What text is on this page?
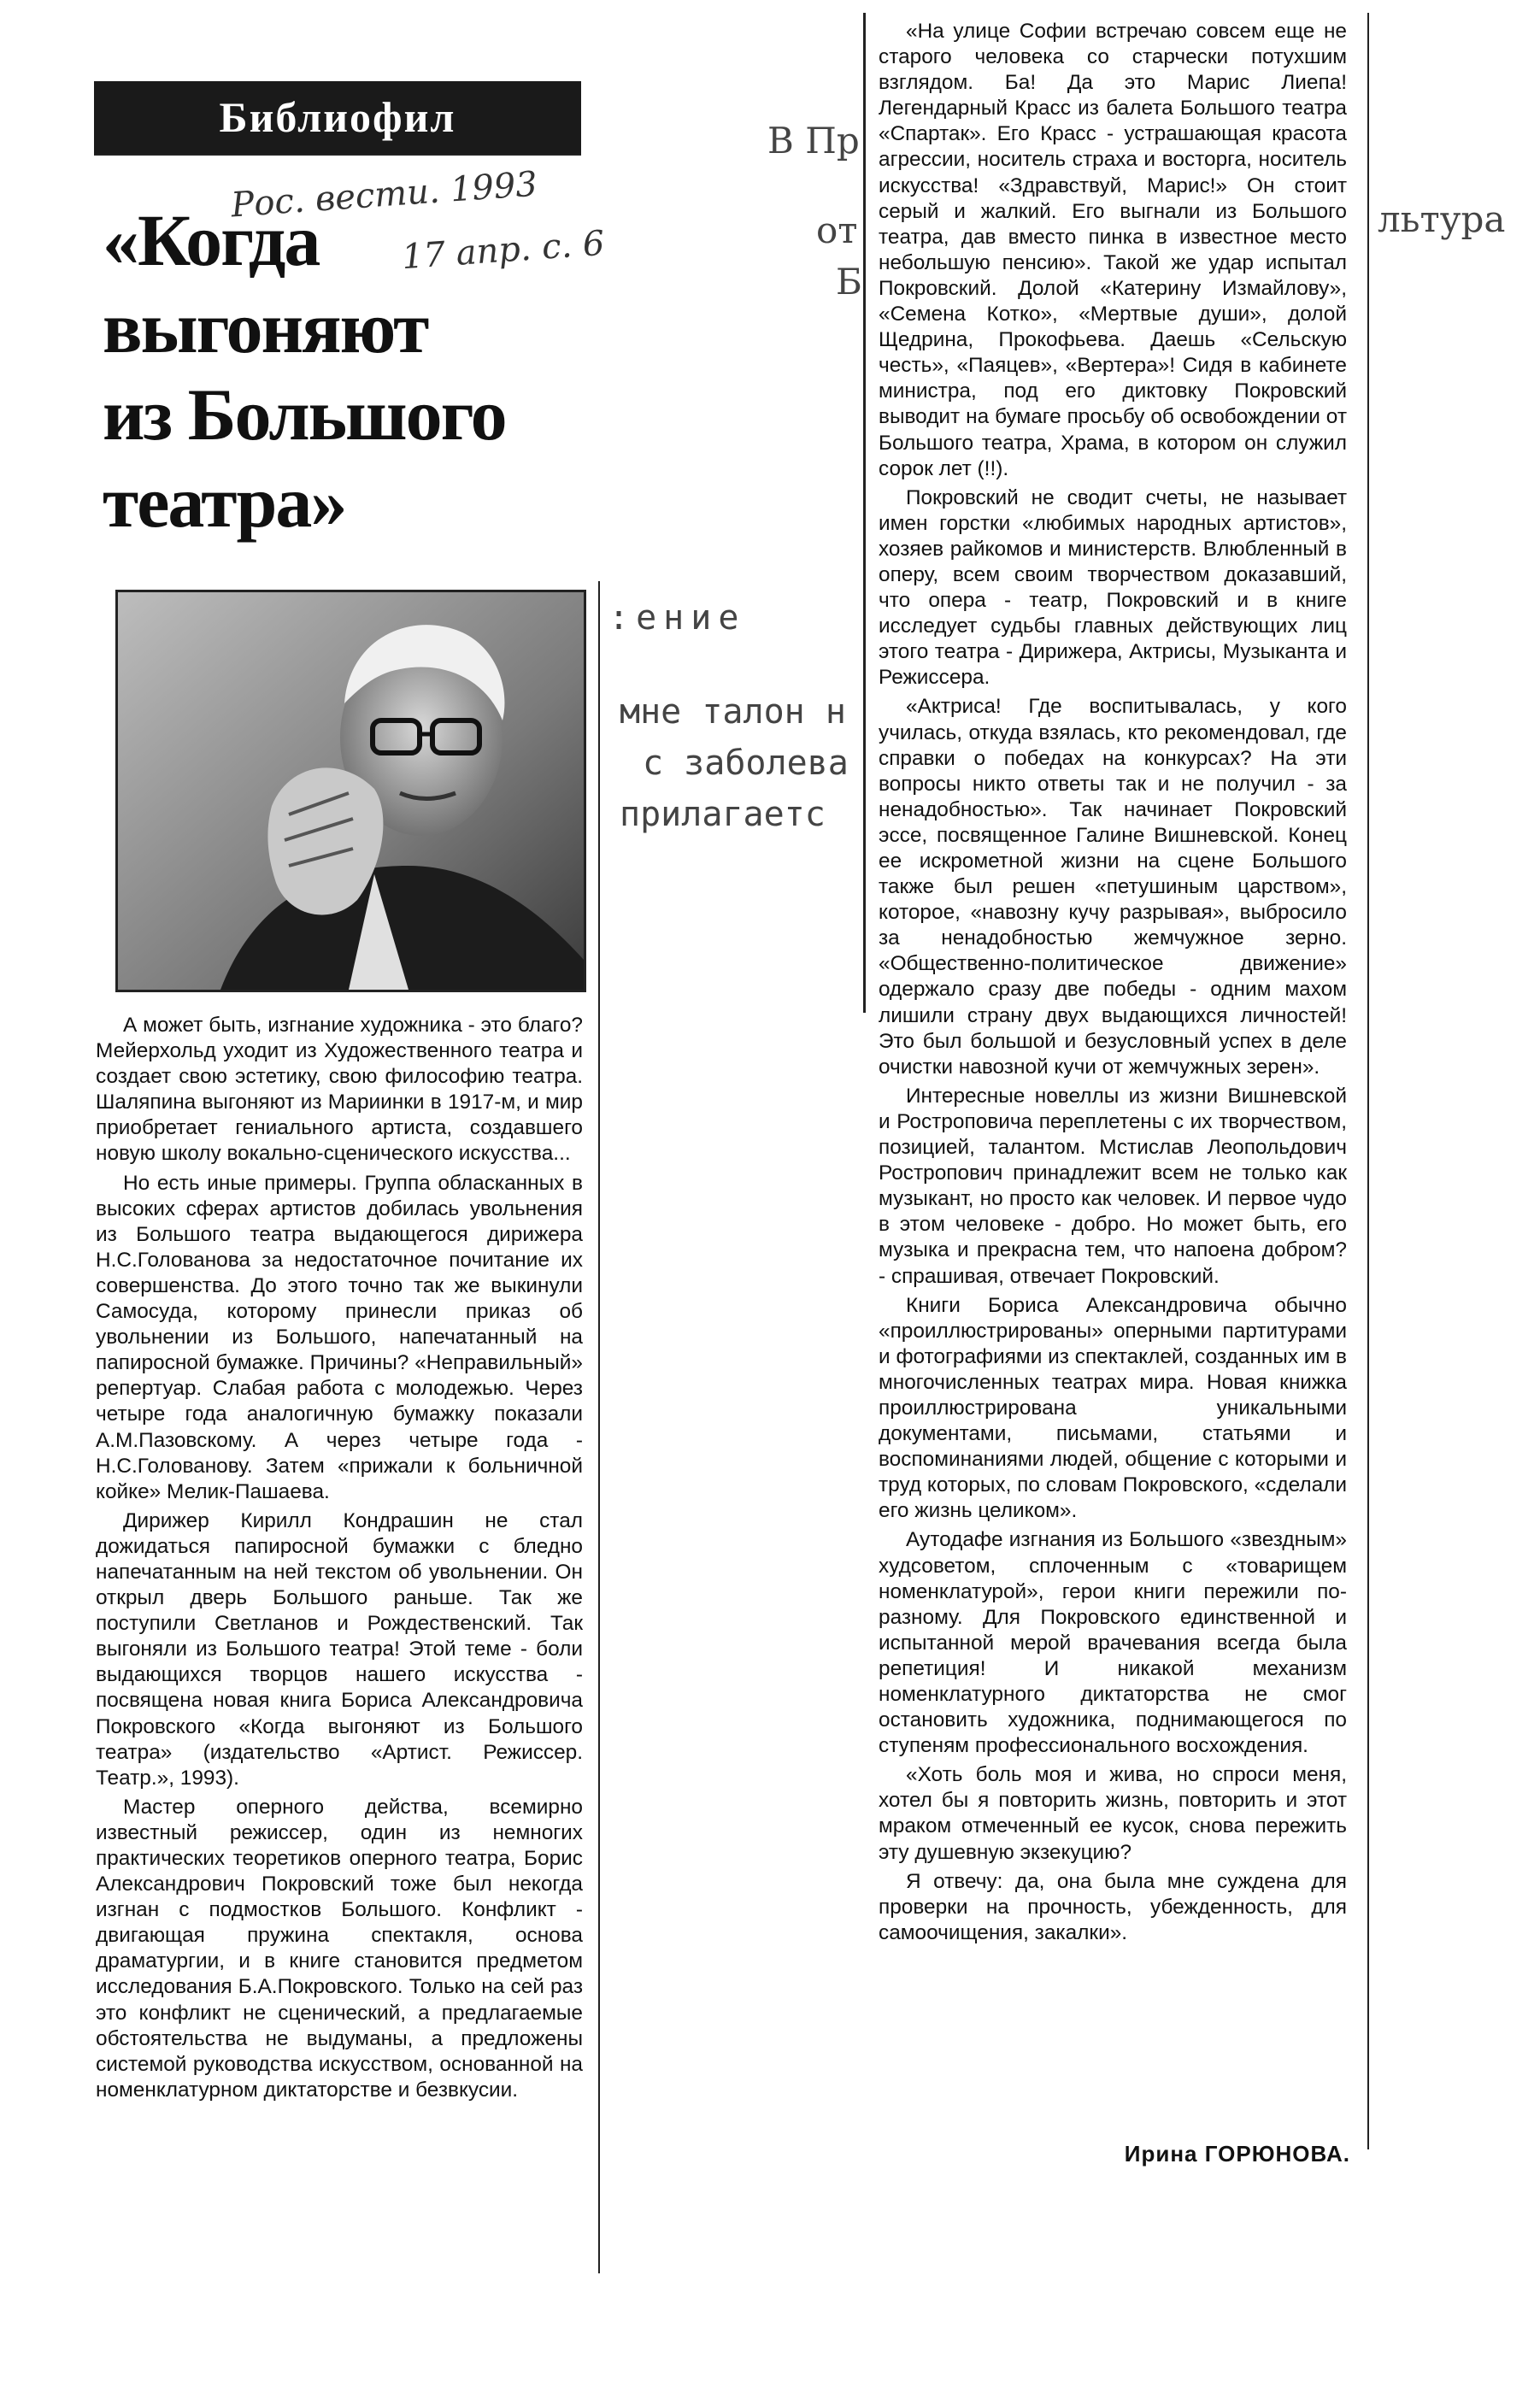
Библиофил
Рос. вести. 1993
17 апр. с. 6
«Когда
выгоняют
из Большого
театра»

А может быть, изгнание художника - это благо? Мейерхольд уходит из Художественного театра и создает свою эстетику, свою философию театра. Шаляпина выгоняют из Мариинки в 1917-м, и мир приобретает гениального артиста, создавшего новую школу вокально-сценического искусства...

Но есть иные примеры. Группа обласканных в высоких сферах артистов добилась увольнения из Большого театра выдающегося дирижера Н.С.Голованова за недостаточное почитание их совершенства. До этого точно так же выкинули Самосуда, которому принесли приказ об увольнении из Большого, напечатанный на папиросной бумажке. Причины? «Неправильный» репертуар. Слабая работа с молодежью. Через четыре года аналогичную бумажку показали А.М.Пазовскому. А через четыре года - Н.С.Голованову. Затем «прижали к больничной койке» Мелик-Пашаева.

Дирижер Кирилл Кондрашин не стал дожидаться папиросной бумажки с бледно напечатанным на ней текстом об увольнении. Он открыл дверь Большого раньше. Так же поступили Светланов и Рождественский. Так выгоняли из Большого театра! Этой теме - боли выдающихся творцов нашего искусства - посвящена новая книга Бориса Александровича Покровского «Когда выгоняют из Большого театра» (издательство «Артист. Режиссер. Театр.», 1993).

Мастер оперного действа, всемирно известный режиссер, один из немногих практических теоретиков оперного театра, Борис Александрович Покровский тоже был некогда изгнан с подмостков Большого. Конфликт - двигающая пружина спектакля, основа драматургии, и в книге становится предметом исследования Б.А.Покровского. Только на сей раз это конфликт не сценический, а предлагаемые обстоятельства не выдуманы, а предложены системой руководства искусством, основанной на номенклатурном диктаторстве и безвкусии.

«На улице Софии встречаю совсем еще не старого человека со старчески потухшим взглядом. Ба! Да это Марис Лиепа! Легендарный Красс из балета Большого театра «Спартак». Его Красс - устрашающая красота агрессии, носитель страха и восторга, носитель искусства! «Здравствуй, Марис!» Он стоит серый и жалкий. Его выгнали из Большого театра, дав вместо пинка в известное место небольшую пенсию». Такой же удар испытал Покровский. Долой «Катерину Измайлову», «Семена Котко», «Мертвые души», долой Щедрина, Прокофьева. Даешь «Сельскую честь», «Паяцев», «Вертера»! Сидя в кабинете министра, под его диктовку Покровский выводит на бумаге просьбу об освобождении от Большого театра, Храма, в котором он служил сорок лет (!!).

Покровский не сводит счеты, не называет имен горстки «любимых народных артистов», хозяев райкомов и министерств. Влюбленный в оперу, всем своим творчеством доказавший, что опера - театр, Покровский и в книге исследует судьбы главных действующих лиц этого театра - Дирижера, Актрисы, Музыканта и Режиссера.

«Актриса! Где воспитывалась, у кого училась, откуда взялась, кто рекомендовал, где справки о победах на конкурсах? На эти вопросы никто ответы так и не получил - за ненадобностью». Так начинает Покровский эссе, посвященное Галине Вишневской. Конец ее искрометной жизни на сцене Большого также был решен «петушиным царством», которое, «навозну кучу разрывая», выбросило за ненадобностью жемчужное зерно. «Общественно-политическое движение» одержало сразу две победы - одним махом лишили страну двух выдающихся личностей! Это был большой и безусловный успех в деле очистки навозной кучи от жемчужных зерен».

Интересные новеллы из жизни Вишневской и Ростроповича переплетены с их творчеством, позицией, талантом. Мстислав Леопольдович Ростропович принадлежит всем не только как музыкант, но просто как человек. И первое чудо в этом человеке - добро. Но может быть, его музыка и прекрасна тем, что напоена добром? - спрашивая, отвечает Покровский.

Книги Бориса Александровича обычно «проиллюстрированы» оперными партитурами и фотографиями из спектаклей, созданных им в многочисленных театрах мира. Новая книжка проиллюстрирована уникальными документами, письмами, статьями и воспоминаниями людей, общение с которыми и труд которых, по словам Покровского, «сделали его жизнь целиком».

Аутодафе изгнания из Большого «звездным» худсоветом, сплоченным с «товарищем номенклатурой», герои книги пережили по-разному. Для Покровского единственной и испытанной мерой врачевания всегда была репетиция! И никакой механизм номенклатурного диктаторства не смог остановить художника, поднимающегося по ступеням профессионального восхождения.

«Хоть боль моя и жива, но спроси меня, хотел бы я повторить жизнь, повторить и этот мраком отмеченный ее кусок, снова пережить эту душевную экзекуцию?

Я отвечу: да, она была мне суждена для проверки на прочность, убежденность, для самоочищения, закалки».

Ирина ГОРЮНОВА.
В Пр
от
Б
льтура
:ение
мне талон н
с заболева
прилагаетс
